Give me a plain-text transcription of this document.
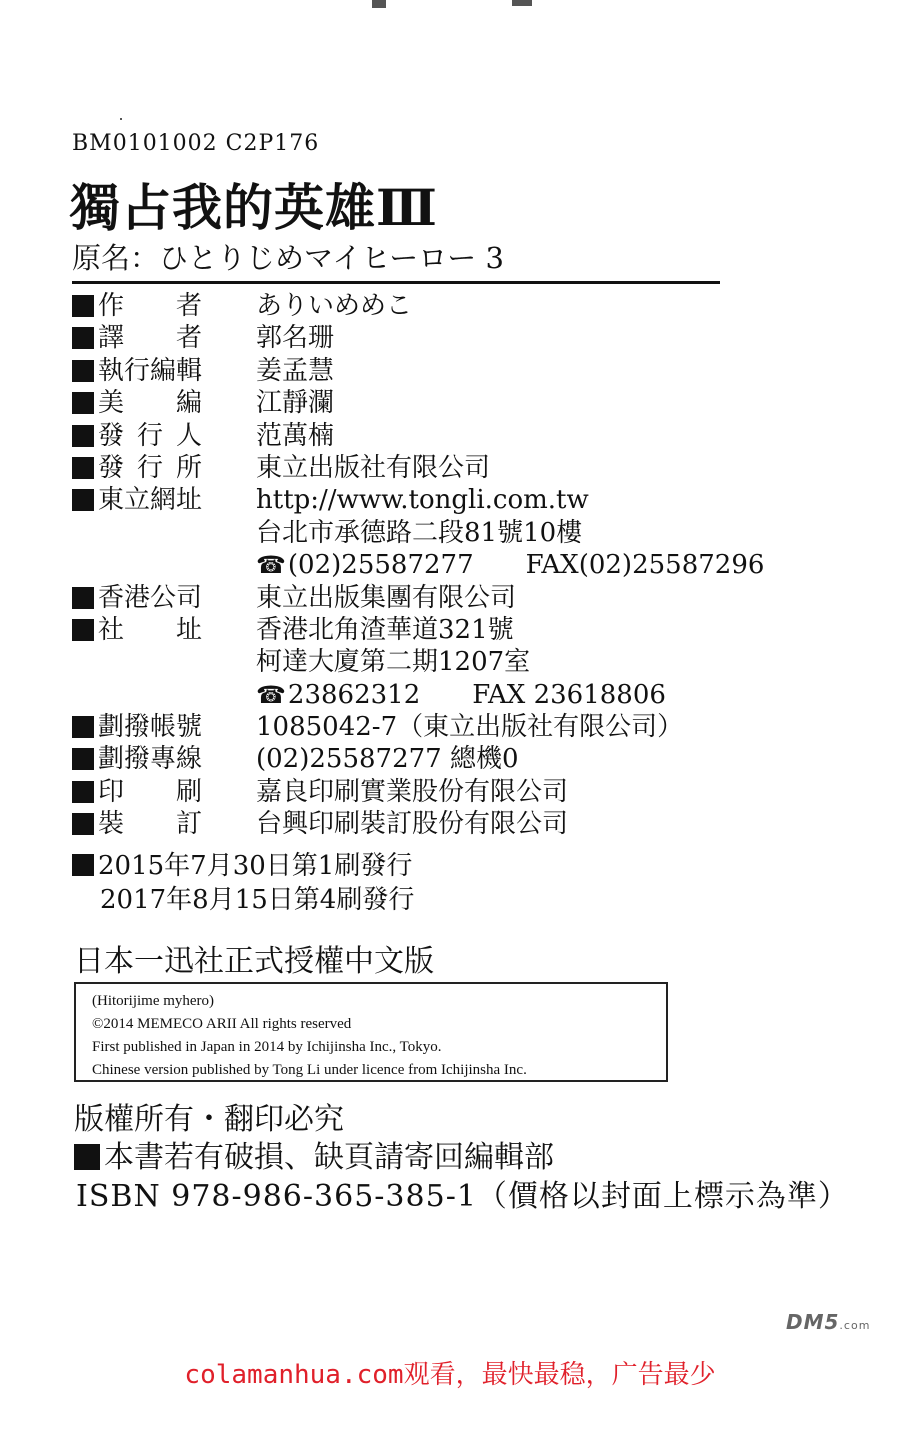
BM0101002 C2P176
獨占我的英雄Ⅲ
原名：ひとりじめマイヒーロー 3
作 者 ありいめめこ
譯 者 郭名珊
執 行 編 輯 姜孟慧
美 編 江靜瀾
發 行 人 范萬楠
發 行 所 東立出版社有限公司
東 立 網 址 http://www.tongli.com.tw
台北市承德路二段81號10樓
☎(02)25587277 FAX(02)25587296
香 港 公 司 東立出版集團有限公司
社 址 香港北角渣華道321號
柯達大廈第二期1207室
☎23862312 FAX 23618806
劃 撥 帳 號 1085042-7（東立出版社有限公司）
劃 撥 專 線 (02)25587277 總機0
印 刷 嘉良印刷實業股份有限公司
裝 訂 台興印刷裝訂股份有限公司
2015年7月30日第1刷發行
2017年8月15日第4刷發行
日本一迅社正式授權中文版
(Hitorijime myhero)
©2014 MEMECO ARII All rights reserved
First published in Japan in 2014 by Ichijinsha Inc., Tokyo.
Chinese version published by Tong Li under licence from Ichijinsha Inc.
版權所有・翻印必究
本書若有破損、缺頁請寄回編輯部
ISBN 978-986-365-385-1（價格以封面上標示為準）
DM5.com
colamanhua.com观看，最快最稳，广告最少
